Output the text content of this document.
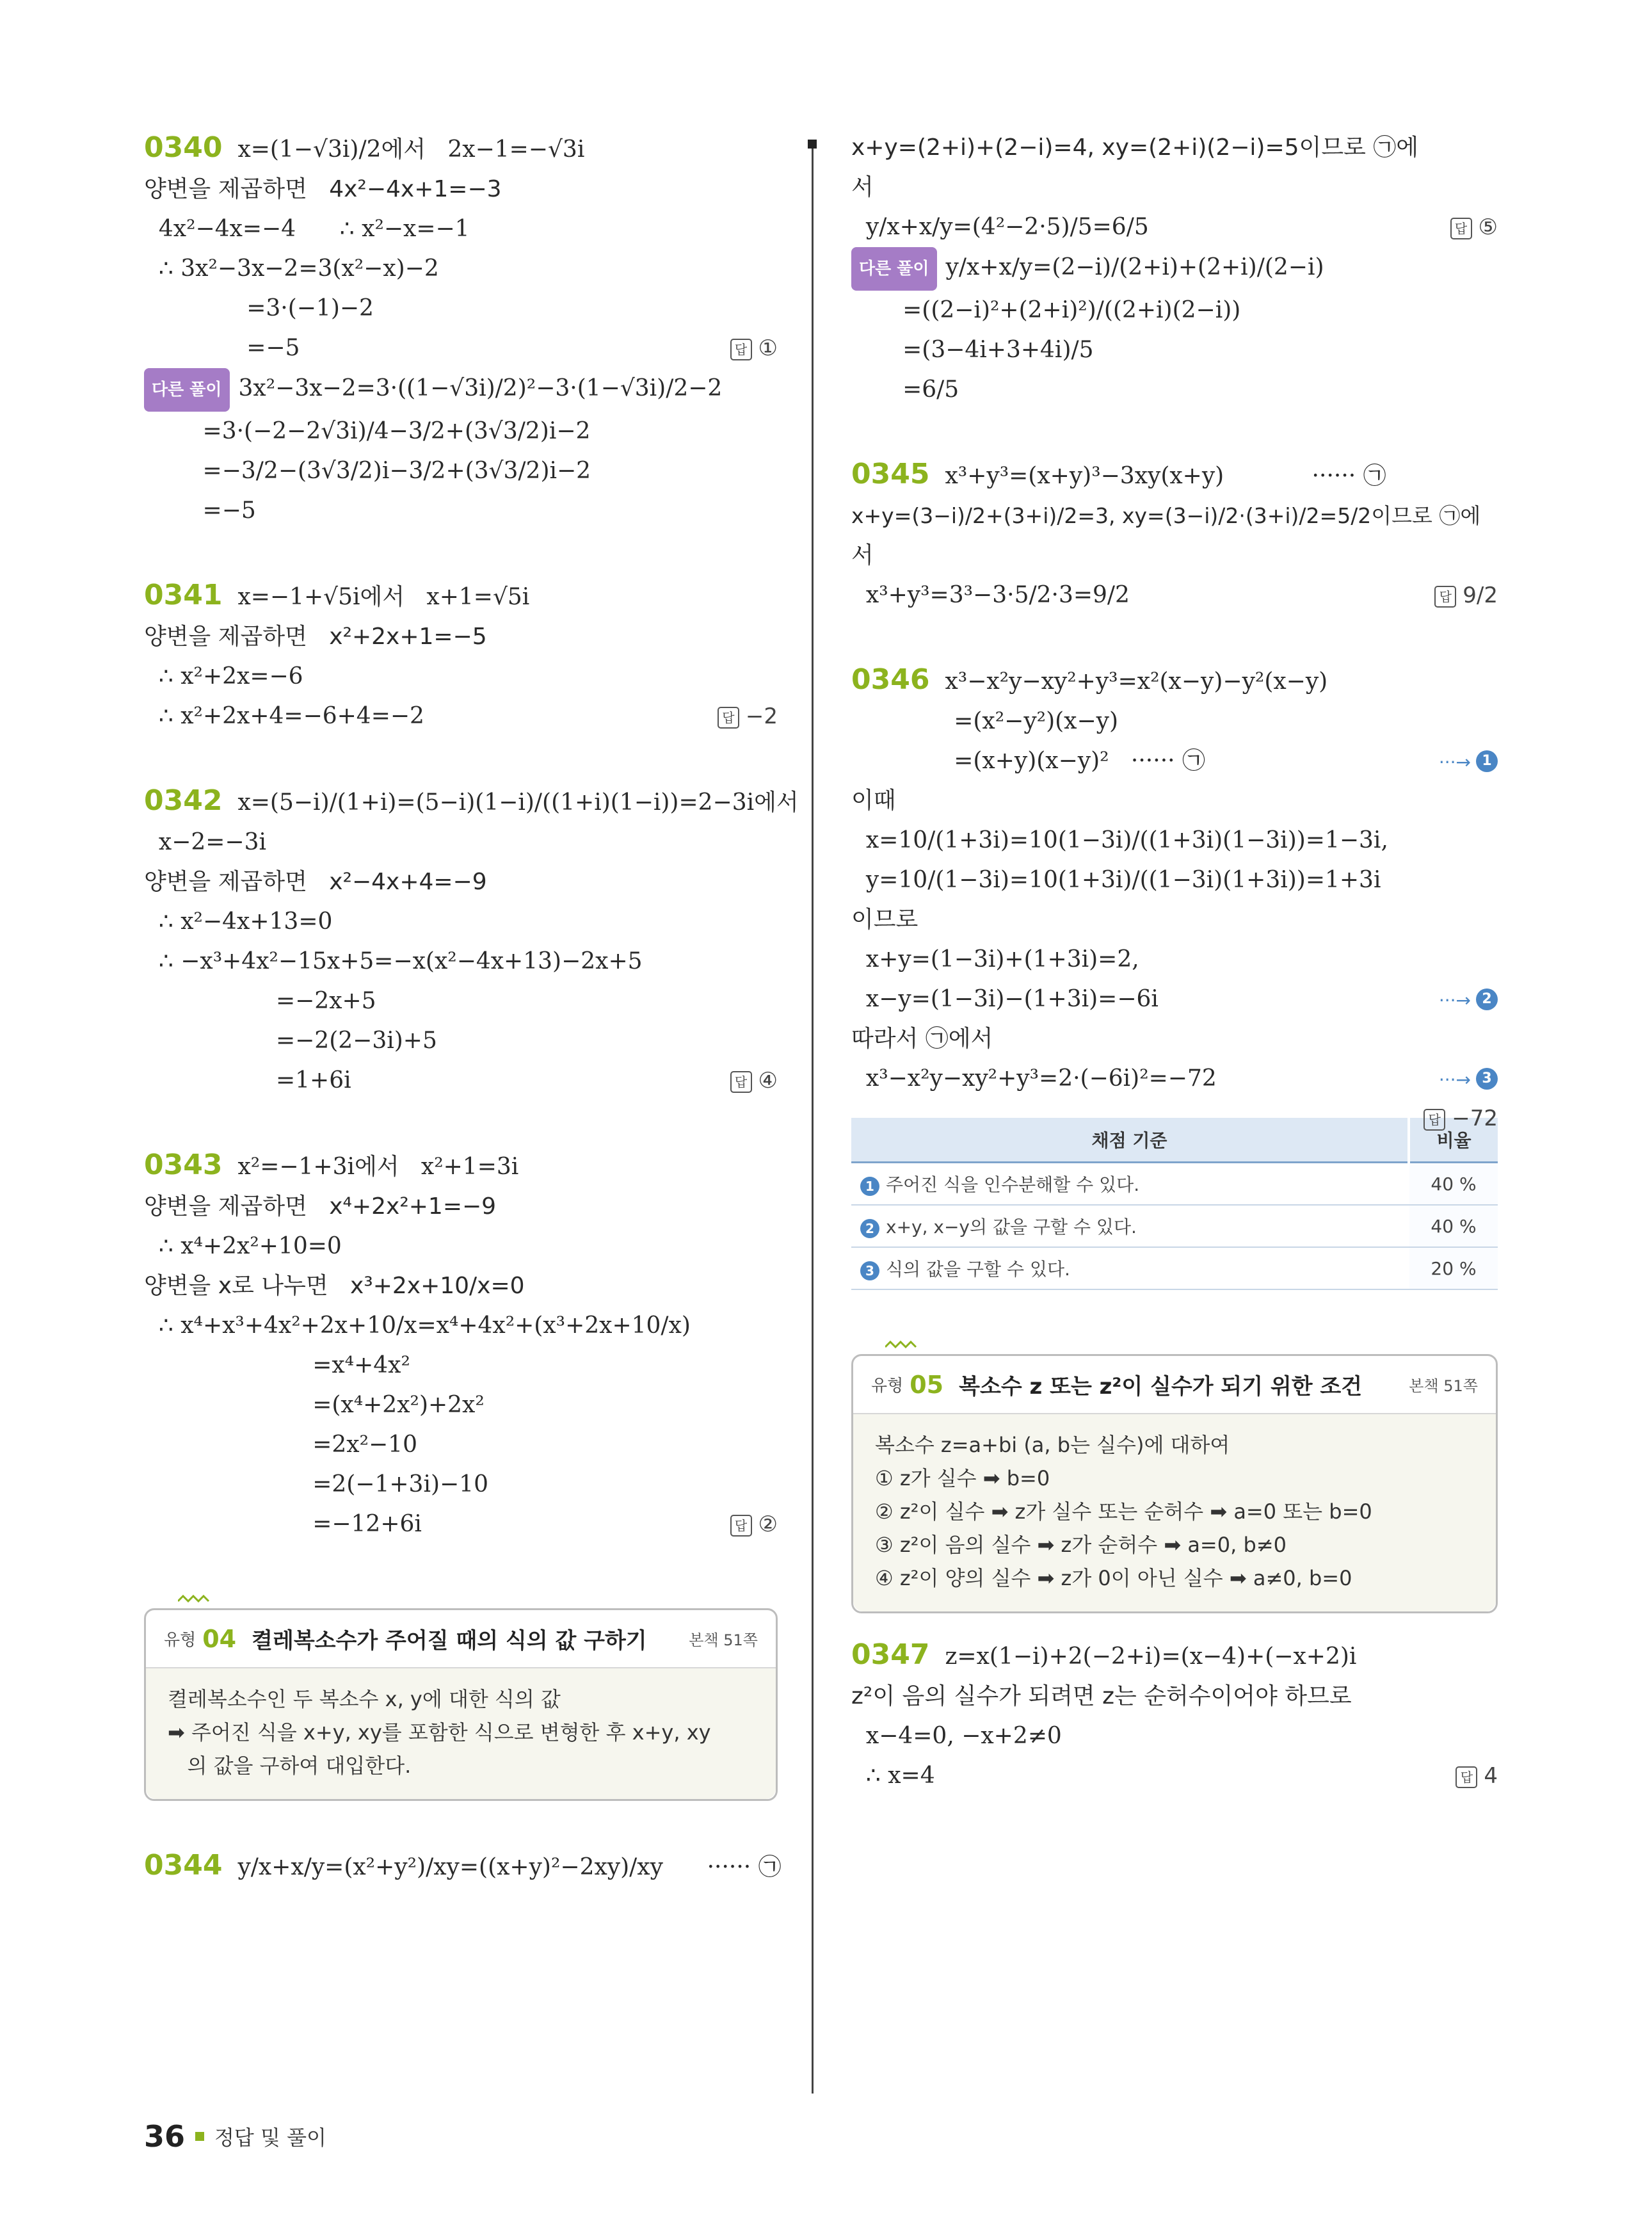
0340 x=(1−√3i)/2에서   2x−1=−√3i
양변을 제곱하면   4x²−4x+1=−3
4x²−4x=−4      ∴ x²−x=−1
∴ 3x²−3x−2=3(x²−x)−2
=3·(−1)−2
=−5	답 ①
다른 풀이 3x²−3x−2=3·((1−√3i)/2)²−3·(1−√3i)/2−2
=3·(−2−2√3i)/4−3/2+(3√3/2)i−2
=−3/2−(3√3/2)i−3/2+(3√3/2)i−2
=−5
0341 x=−1+√5i에서   x+1=√5i
양변을 제곱하면   x²+2x+1=−5
∴ x²+2x=−6
∴ x²+2x+4=−6+4=−2	답 −2
0342 x=(5−i)/(1+i)=(5−i)(1−i)/((1+i)(1−i))=2−3i에서
x−2=−3i
양변을 제곱하면   x²−4x+4=−9
∴ x²−4x+13=0
∴ −x³+4x²−15x+5=−x(x²−4x+13)−2x+5
=−2x+5
=−2(2−3i)+5
=1+6i	답 ④
0343 x²=−1+3i에서   x²+1=3i
양변을 제곱하면   x⁴+2x²+1=−9
∴ x⁴+2x²+10=0
양변을 x로 나누면   x³+2x+10/x=0
∴ x⁴+x³+4x²+2x+10/x=x⁴+4x²+(x³+2x+10/x)
=x⁴+4x²
=(x⁴+2x²)+2x²
=2x²−10
=2(−1+3i)−10
=−12+6i	답 ②
유형 04 켤레복소수가 주어질 때의 식의 값 구하기	본책 51쪽
켤레복소수인 두 복소수 x, y에 대한 식의 값
➡ 주어진 식을 x+y, xy를 포함한 식으로 변형한 후 x+y, xy
의 값을 구하여 대입한다.
0344 y/x+x/y=(x²+y²)/xy=((x+y)²−2xy)/xy      ······ ㉠
x+y=(2+i)+(2−i)=4, xy=(2+i)(2−i)=5이므로 ㉠에
서
y/x+x/y=(4²−2·5)/5=6/5	답 ⑤
다른 풀이 y/x+x/y=(2−i)/(2+i)+(2+i)/(2−i)
=((2−i)²+(2+i)²)/((2+i)(2−i))
=(3−4i+3+4i)/5
=6/5
0345 x³+y³=(x+y)³−3xy(x+y)            ······ ㉠
x+y=(3−i)/2+(3+i)/2=3, xy=(3−i)/2·(3+i)/2=5/2이므로 ㉠에
서
x³+y³=3³−3·5/2·3=9/2	답 9/2
0346 x³−x²y−xy²+y³=x²(x−y)−y²(x−y)
=(x²−y²)(x−y)
=(x+y)(x−y)²   ······ ㉠	···→ 1
이때
x=10/(1+3i)=10(1−3i)/((1+3i)(1−3i))=1−3i,
y=10/(1−3i)=10(1+3i)/((1−3i)(1+3i))=1+3i
이므로
x+y=(1−3i)+(1+3i)=2,
x−y=(1−3i)−(1+3i)=−6i	···→ 2
따라서 ㉠에서
x³−x²y−xy²+y³=2·(−6i)²=−72	···→ 3
답 −72
채점 기준	비율
1 주어진 식을 인수분해할 수 있다.	40 %
2 x+y, x−y의 값을 구할 수 있다.	40 %
3 식의 값을 구할 수 있다.	20 %
유형 05 복소수 z 또는 z²이 실수가 되기 위한 조건	본책 51쪽
복소수 z=a+bi (a, b는 실수)에 대하여
① z가 실수 ➡ b=0
② z²이 실수 ➡ z가 실수 또는 순허수 ➡ a=0 또는 b=0
③ z²이 음의 실수 ➡ z가 순허수 ➡ a=0, b≠0
④ z²이 양의 실수 ➡ z가 0이 아닌 실수 ➡ a≠0, b=0
0347 z=x(1−i)+2(−2+i)=(x−4)+(−x+2)i
z²이 음의 실수가 되려면 z는 순허수이어야 하므로
x−4=0, −x+2≠0
∴ x=4	답 4
36 정답 및 풀이
